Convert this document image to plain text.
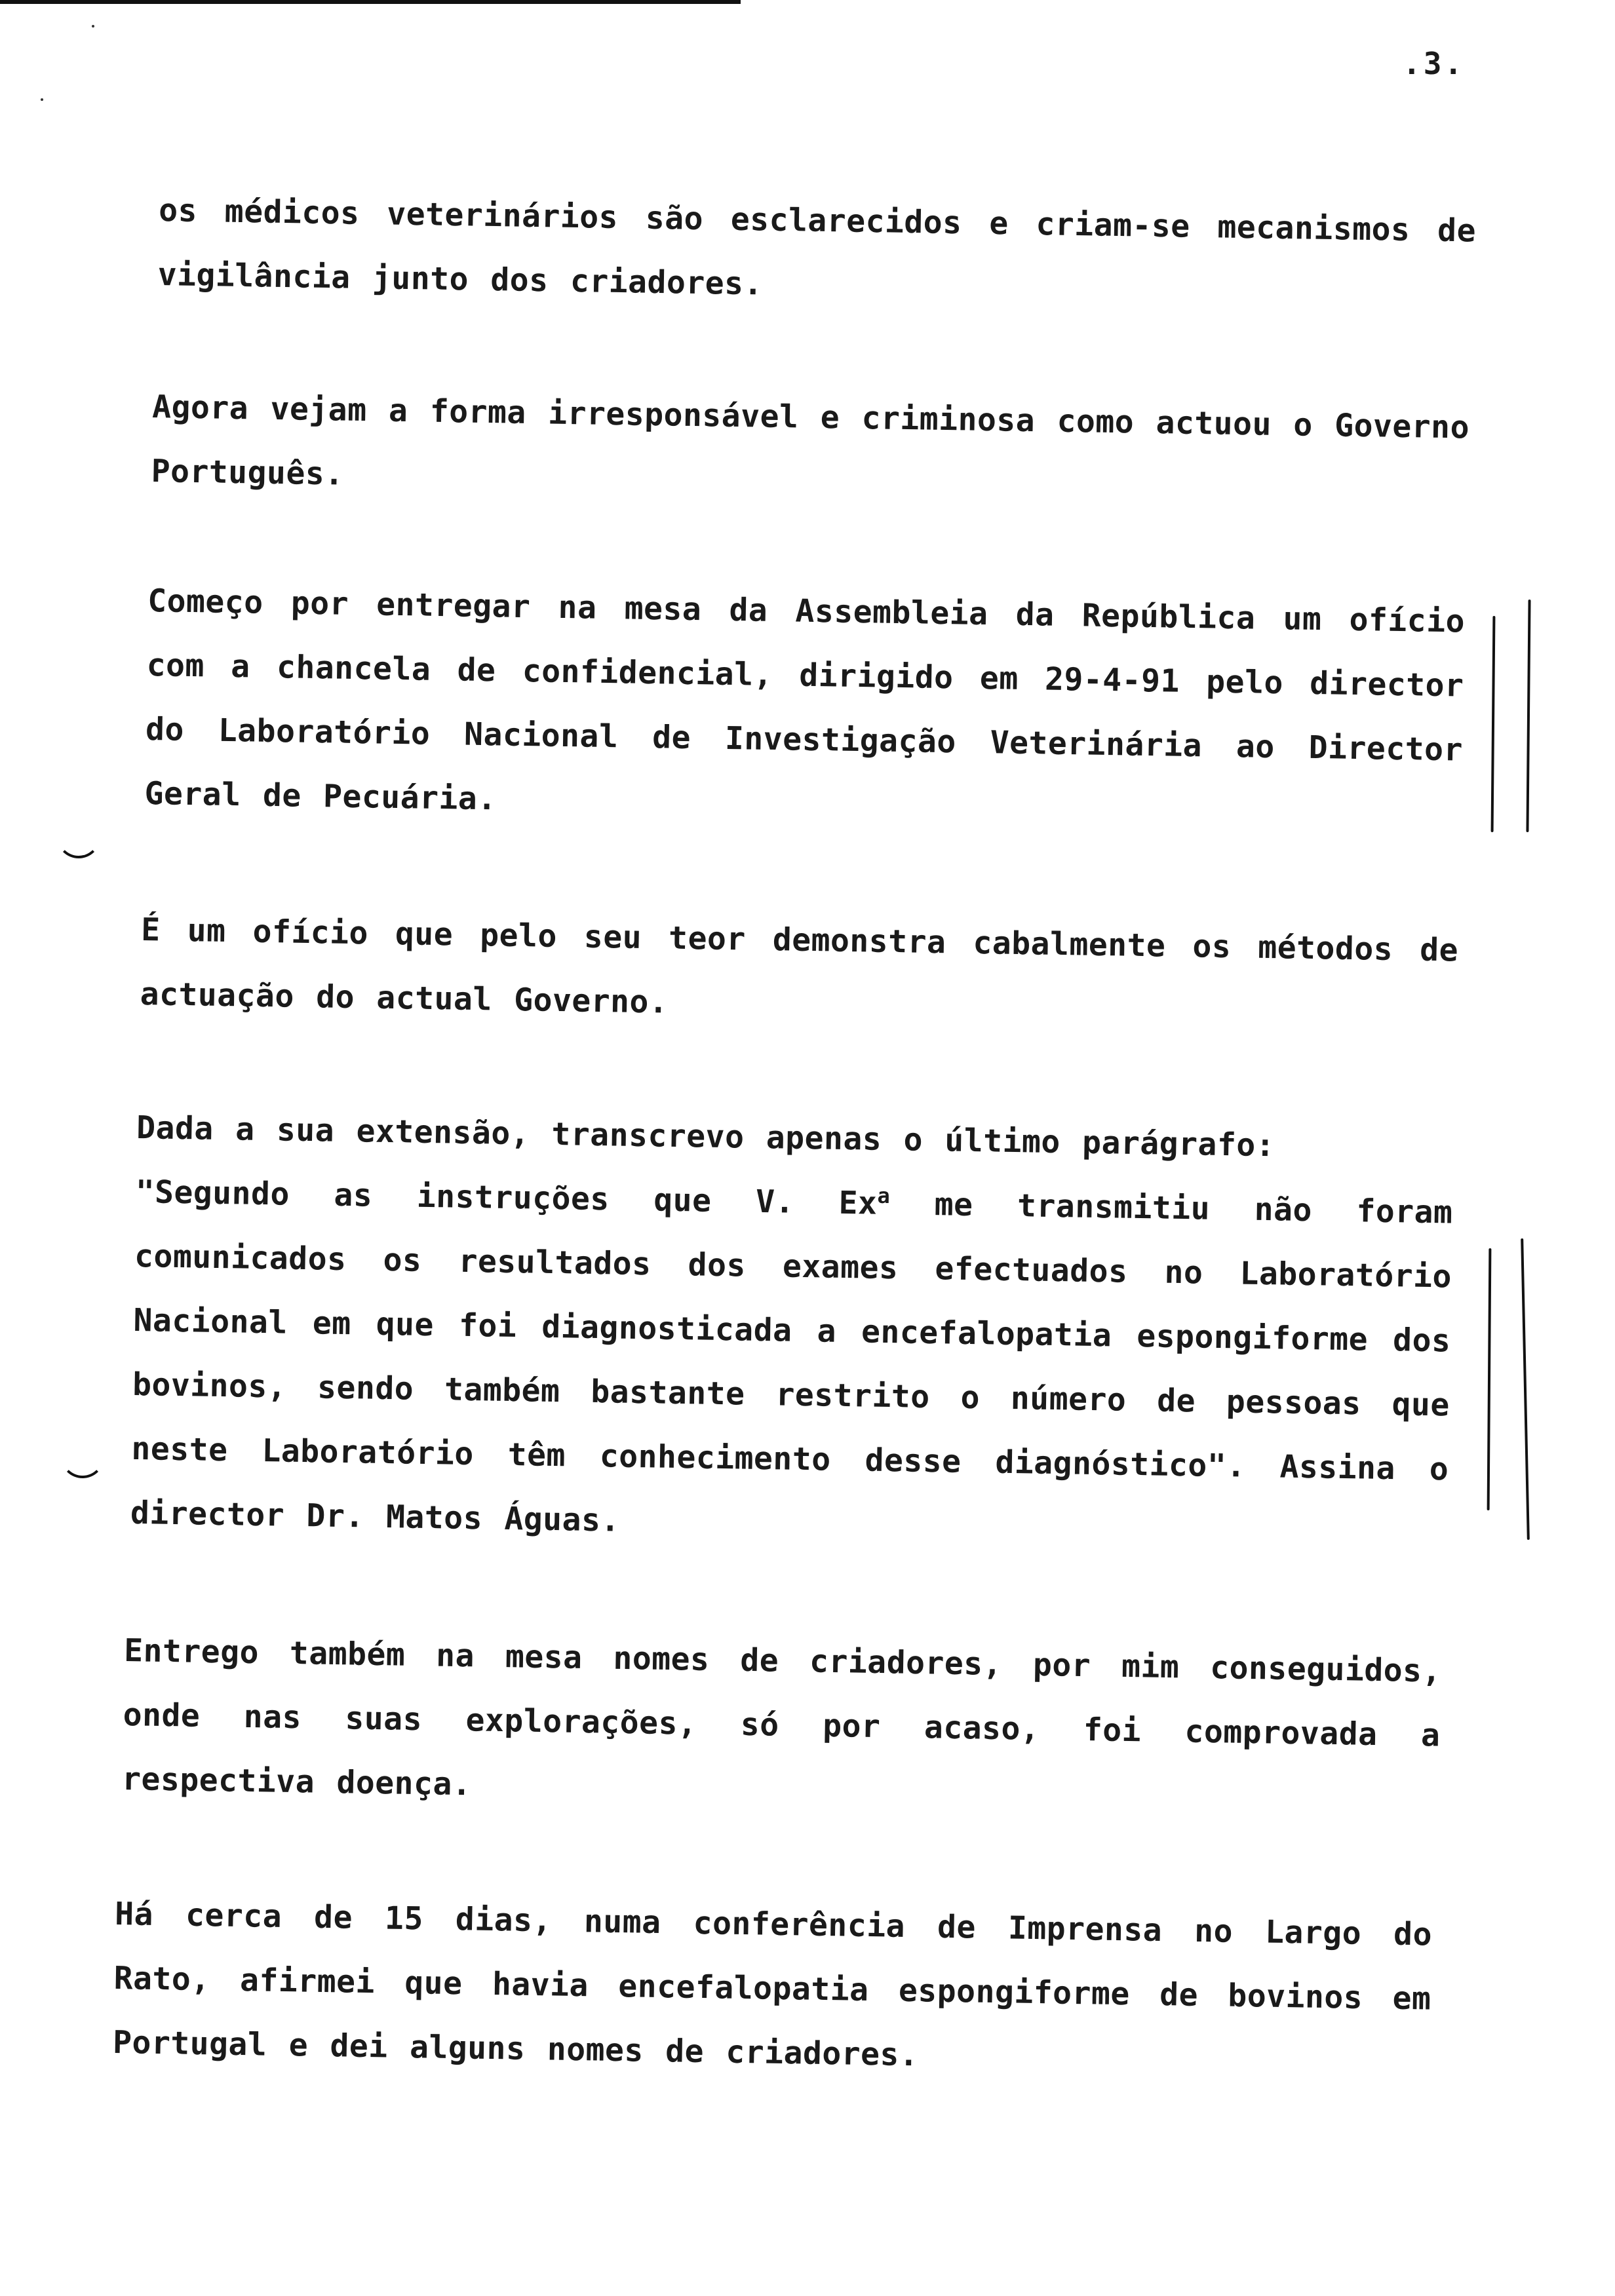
.3.
os médicos veterinários são esclarecidos e criam-se mecanismos de vigilância junto dos criadores.
Agora vejam a forma irresponsável e criminosa como actuou o Governo Português.
Começo por entregar na mesa da Assembleia da República um ofício com a chancela de confidencial, dirigido em 29-4-91 pelo director do Laboratório Nacional de Investigação Veterinária ao Director Geral de Pecuária.
É um ofício que pelo seu teor demonstra cabalmente os métodos de actuação do actual Governo.
Dada a sua extensão, transcrevo apenas o último parágrafo:
"Segundo as instruções que V. Ex$^a$ me transmitiu não foram comunicados os resultados dos exames efectuados no Laboratório Nacional em que foi diagnosticada a encefalopatia espongiforme dos bovinos, sendo também bastante restrito o número de pessoas que neste Laboratório têm conhecimento desse diagnóstico". Assina o director Dr. Matos Águas.
Entrego também na mesa nomes de criadores, por mim conseguidos, onde nas suas explorações, só por acaso, foi comprovada a respectiva doença.
Há cerca de 15 dias, numa conferência de Imprensa no Largo do Rato, afirmei que havia encefalopatia espongiforme de bovinos em Portugal e dei alguns nomes de criadores.
